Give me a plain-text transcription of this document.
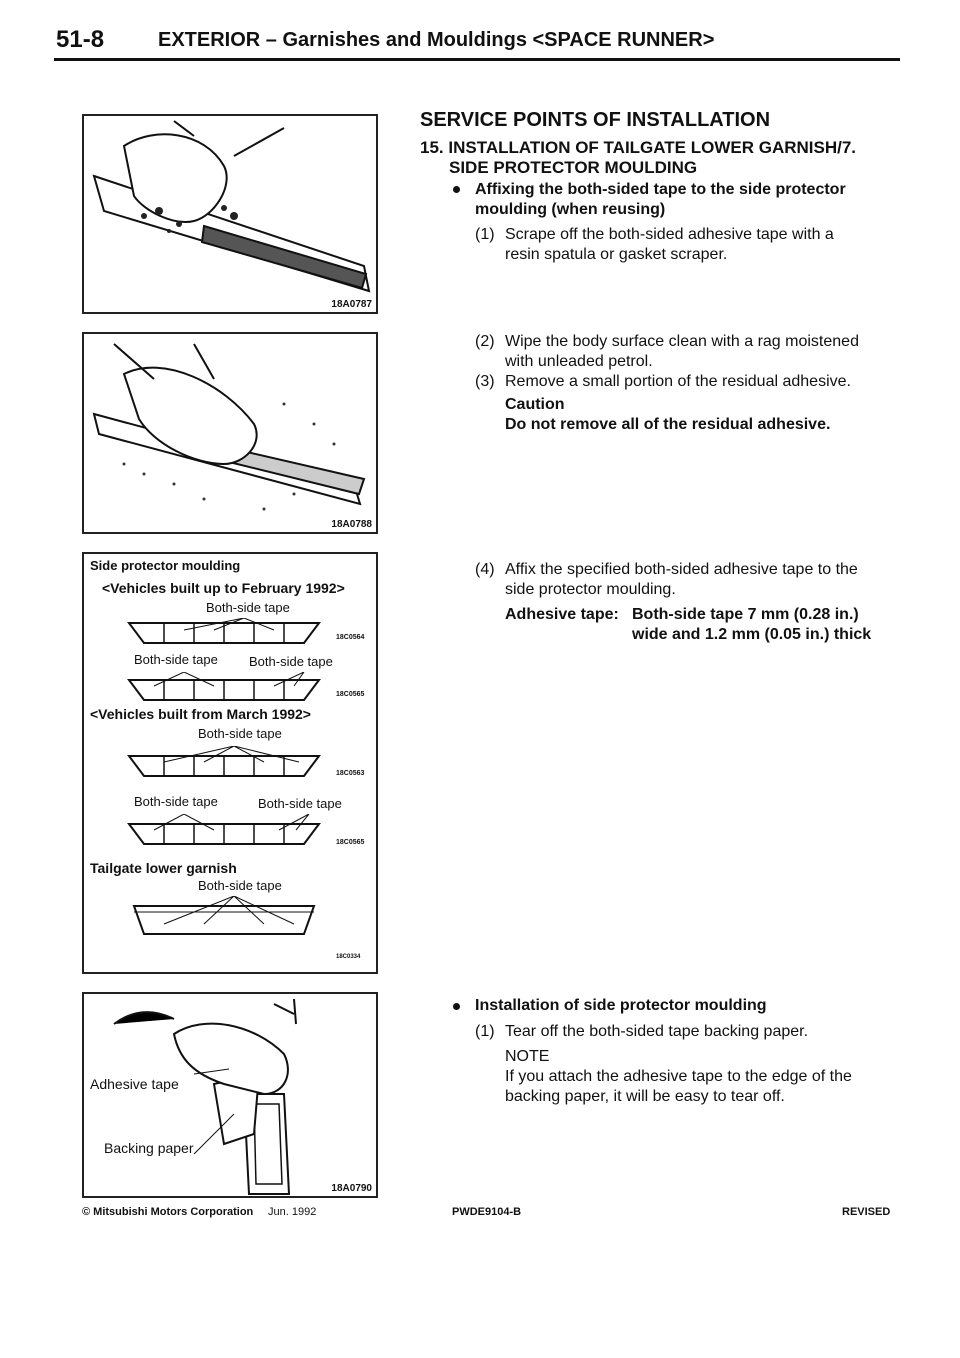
51-8	EXTERIOR – Garnishes and Mouldings <SPACE RUNNER>
18A0787
18A0788
Side protector moulding
<Vehicles built up to February 1992>
Both-side tape
18C0564
Both-side tape Both-side tape
18C0565
<Vehicles built from March 1992>
Both-side tape
18C0563
Both-side tape	Both-side tape
18C0565
Tailgate lower garnish
Both-side tape
18C0334
Adhesive tape
Backing paper
18A0790
SERVICE POINTS OF INSTALLATION
15. INSTALLATION OF TAILGATE LOWER GARNISH/7.
SIDE PROTECTOR MOULDING
Affixing the both-sided tape to the side protector
moulding (when reusing)
(1) Scrape off the both-sided adhesive tape with a
resin spatula or gasket scraper.
(2) Wipe the body surface clean with a rag moistened
with unleaded petrol.
(3) Remove a small portion of the residual adhesive.
Caution
Do not remove all of the residual adhesive.
(4) Affix the specified both-sided adhesive tape to the
side protector moulding.
Adhesive tape: Both-side tape 7 mm (0.28 in.)
wide and 1.2 mm (0.05 in.) thick
Installation of side protector moulding
(1) Tear off the both-sided tape backing paper.
NOTE
If you attach the adhesive tape to the edge of the
backing paper, it will be easy to tear off.
© Mitsubishi Motors Corporation Jun. 1992	PWDE9104-B	REVISED
